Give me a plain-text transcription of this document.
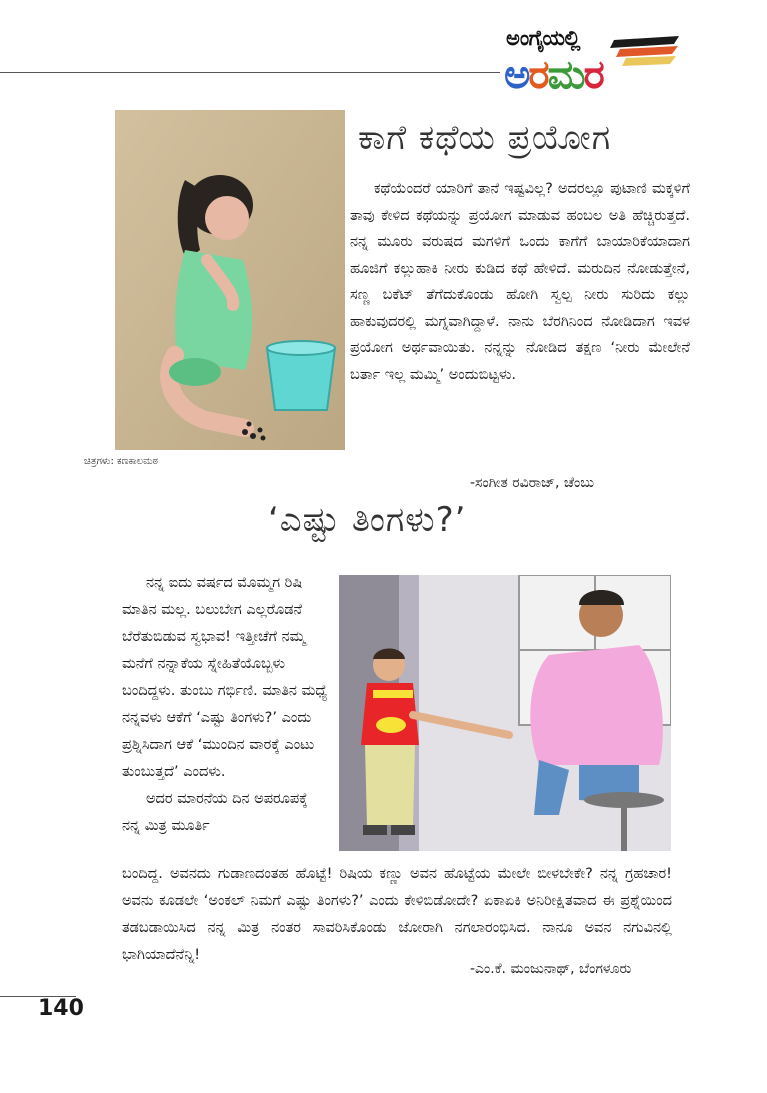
ಅಂಗೈಯಲ್ಲಿ
ಅರಮರ
ಕಾಗೆ ಕಥೆಯ ಪ್ರಯೋಗ
ಕಥೆಯೆಂದರೆ ಯಾರಿಗೆ ತಾನೆ ಇಷ್ಟವಿಲ್ಲ? ಅದರಲ್ಲೂ ಪುಟಾಣಿ ಮಕ್ಕಳಿಗೆ ತಾವು ಕೇಳಿದ ಕಥೆಯನ್ನು ಪ್ರಯೋಗ ಮಾಡುವ ಹಂಬಲ ಅತಿ ಹೆಚ್ಚಿರುತ್ತದೆ. ನನ್ನ ಮೂರು ವರುಷದ ಮಗಳಿಗೆ ಒಂದು ಕಾಗೆಗೆ ಬಾಯಾರಿಕೆಯಾದಾಗ ಹೂಜಿಗೆ ಕಲ್ಲುಹಾಕಿ ನೀರು ಕುಡಿದ ಕಥೆ ಹೇಳಿದೆ. ಮರುದಿನ ನೋಡುತ್ತೇನೆ, ಸಣ್ಣ ಬಕೆಟ್ ತೆಗೆದುಕೊಂಡು ಹೋಗಿ ಸ್ವಲ್ಪ ನೀರು ಸುರಿದು ಕಲ್ಲು ಹಾಕುವುದರಲ್ಲಿ ಮಗ್ನವಾಗಿದ್ದಾಳೆ. ನಾನು ಬೆರಗಿನಿಂದ ನೋಡಿದಾಗ ಇವಳ ಪ್ರಯೋಗ ಅರ್ಥವಾಯಿತು. ನನ್ನನ್ನು ನೋಡಿದ ತಕ್ಷಣ ‘ನೀರು ಮೇಲೇನೆ ಬರ್ತಾ ಇಲ್ಲ ಮಮ್ಮಿ’ ಅಂದುಬಿಟ್ಟಳು.
ಚಿತ್ರಗಳು: ಕಣಕಾಲಮಠ
-ಸಂಗೀತ ರವಿರಾಜ್, ಚೆಂಬು
‘ಎಷ್ಟು ತಿಂಗಳು?’

ನನ್ನ ಐದು ವರ್ಷದ ಮೊಮ್ಮಗ ರಿಷಿ ಮಾತಿನ ಮಲ್ಲ. ಬಲುಬೇಗ ಎಲ್ಲರೊಡನೆ ಬೆರೆತುಬಿಡುವ ಸ್ವಭಾವ! ಇತ್ತೀಚೆಗೆ ನಮ್ಮ ಮನೆಗೆ ನನ್ನಾಕೆಯ ಸ್ನೇಹಿತೆಯೊಬ್ಬಳು ಬಂದಿದ್ದಳು. ತುಂಬು ಗರ್ಭಿಣಿ. ಮಾತಿನ ಮಧ್ಯೆ ನನ್ನವಳು ಆಕೆಗೆ ‘ಎಷ್ಟು ತಿಂಗಳು?’ ಎಂದು ಪ್ರಶ್ನಿಸಿದಾಗ ಆಕೆ ‘ಮುಂದಿನ ವಾರಕ್ಕೆ ಎಂಟು ತುಂಬುತ್ತದೆ’ ಎಂದಳು.

ಅದರ ಮಾರನೆಯ ದಿನ ಅಪರೂಪಕ್ಕೆ ನನ್ನ ಮಿತ್ರ ಮೂರ್ತಿ

ಬಂದಿದ್ದ. ಅವನದು ಗುಡಾಣದಂತಹ ಹೊಟ್ಟೆ! ರಿಷಿಯ ಕಣ್ಣು ಅವನ ಹೊಟ್ಟೆಯ ಮೇಲೇ ಬೀಳಬೇಕೇ? ನನ್ನ ಗ್ರಹಚಾರ! ಅವನು ಕೂಡಲೇ ‘ಅಂಕಲ್ ನಿಮಗೆ ಎಷ್ಟು ತಿಂಗಳು?’ ಎಂದು ಕೇಳಿಬಿಡೋದೇ? ಏಕಾಏಕಿ ಅನಿರೀಕ್ಷಿತವಾದ ಈ ಪ್ರಶ್ನೆಯಿಂದ ತಡಬಡಾಯಿಸಿದ ನನ್ನ ಮಿತ್ರ ನಂತರ ಸಾವರಿಸಿಕೊಂಡು ಜೋರಾಗಿ ನಗಲಾರಂಭಿಸಿದ. ನಾನೂ ಅವನ ನಗುವಿನಲ್ಲಿ ಭಾಗಿಯಾದೆನೆನ್ನಿ!
-ಎಂ.ಕೆ. ಮಂಜುನಾಥ್, ಬೆಂಗಳೂರು
140
